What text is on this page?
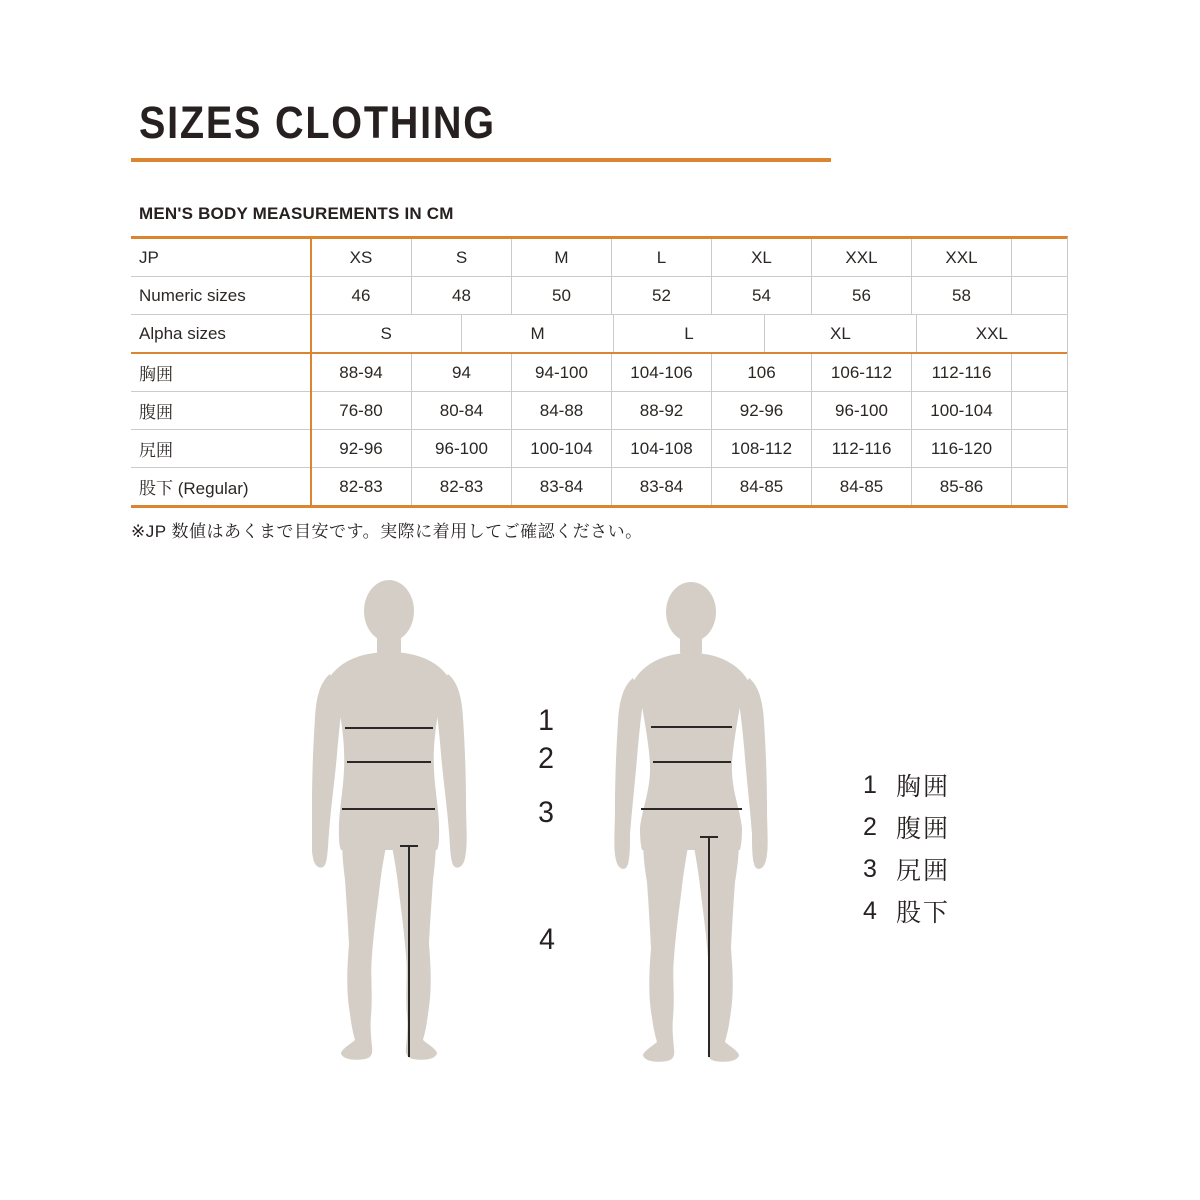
SIZES CLOTHING
MEN'S BODY MEASUREMENTS IN CM
JP	XS	S	M	L	XL	XXL	XXL
Numeric sizes	46	48	50	52	54	56	58
Alpha sizes	S	M	L	XL	XXL
胸囲	88-94	94	94-100	104-106	106	106-112	112-116
腹囲	76-80	80-84	84-88	88-92	92-96	96-100	100-104
尻囲	92-96	96-100	100-104	104-108	108-112	112-116	116-120
股下 (Regular)	82-83	82-83	83-84	83-84	84-85	84-85	85-86
※JP 数値はあくまで目安です。実際に着用してご確認ください。
1
2
3
4
1 胸囲
2 腹囲
3 尻囲
4 股下
